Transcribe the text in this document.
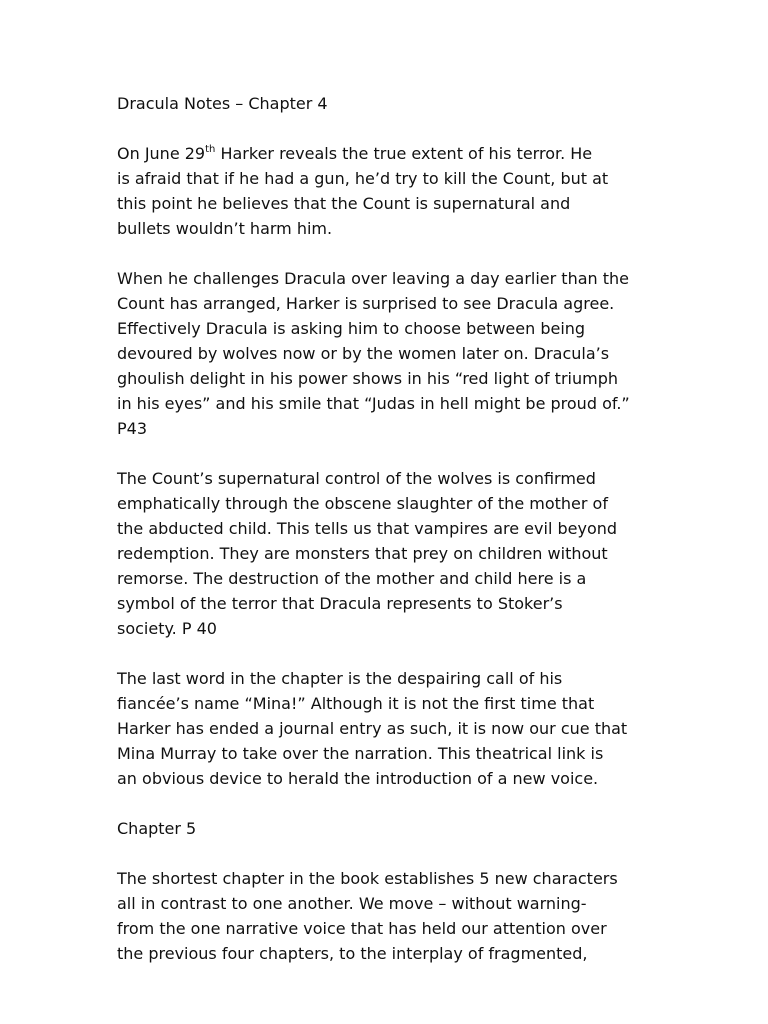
Dracula Notes – Chapter 4

On June 29th Harker reveals the true extent of his terror. He
is afraid that if he had a gun, he’d try to kill the Count, but at
this point he believes that the Count is supernatural and
bullets wouldn’t harm him.

When he challenges Dracula over leaving a day earlier than the
Count has arranged, Harker is surprised to see Dracula agree.
Effectively Dracula is asking him to choose between being
devoured by wolves now or by the women later on. Dracula’s
ghoulish delight in his power shows in his “red light of triumph
in his eyes” and his smile that “Judas in hell might be proud of.”
P43

The Count’s supernatural control of the wolves is confirmed
emphatically through the obscene slaughter of the mother of
the abducted child. This tells us that vampires are evil beyond
redemption. They are monsters that prey on children without
remorse. The destruction of the mother and child here is a
symbol of the terror that Dracula represents to Stoker’s
society. P 40

The last word in the chapter is the despairing call of his
fiancée’s name “Mina!” Although it is not the first time that
Harker has ended a journal entry as such, it is now our cue that
Mina Murray to take over the narration. This theatrical link is
an obvious device to herald the introduction of a new voice.

Chapter 5

The shortest chapter in the book establishes 5 new characters
all in contrast to one another. We move – without warning-
from the one narrative voice that has held our attention over
the previous four chapters, to the interplay of fragmented,
